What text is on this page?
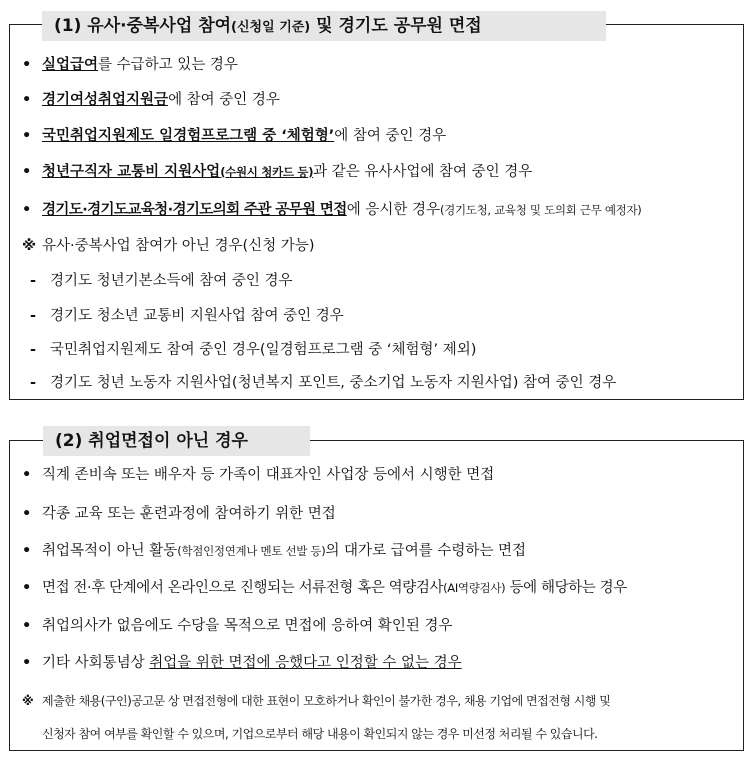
(1) 유사·중복사업 참여(신청일 기준) 및 경기도 공무원 면접
• 실업급여를 수급하고 있는 경우
• 경기여성취업지원금에 참여 중인 경우
• 국민취업지원제도 일경험프로그램 중 ‘체험형’에 참여 중인 경우
• 청년구직자 교통비 지원사업(수원시 청카드 등)과 같은 유사사업에 참여 중인 경우
• 경기도·경기도교육청·경기도의회 주관 공무원 면접에 응시한 경우(경기도청, 교육청 및 도의회 근무 예정자)
※ 유사·중복사업 참여가 아닌 경우(신청 가능)
- 경기도 청년기본소득에 참여 중인 경우
- 경기도 청소년 교통비 지원사업 참여 중인 경우
- 국민취업지원제도 참여 중인 경우(일경험프로그램 중 ‘체험형’ 제외)
- 경기도 청년 노동자 지원사업(청년복지 포인트, 중소기업 노동자 지원사업) 참여 중인 경우
(2) 취업면접이 아닌 경우
• 직계 존비속 또는 배우자 등 가족이 대표자인 사업장 등에서 시행한 면접
• 각종 교육 또는 훈련과정에 참여하기 위한 면접
• 취업목적이 아닌 활동(학점인정연계나 멘토 선발 등)의 대가로 급여를 수령하는 면접
• 면접 전·후 단계에서 온라인으로 진행되는 서류전형 혹은 역량검사(AI역량검사) 등에 해당하는 경우
• 취업의사가 없음에도 수당을 목적으로 면접에 응하여 확인된 경우
• 기타 사회통념상 취업을 위한 면접에 응했다고 인정할 수 없는 경우
※ 제출한 채용(구인)공고문 상 면접전형에 대한 표현이 모호하거나 확인이 불가한 경우, 채용 기업에 면접전형 시행 및
신청자 참여 여부를 확인할 수 있으며, 기업으로부터 해당 내용이 확인되지 않는 경우 미선정 처리될 수 있습니다.
